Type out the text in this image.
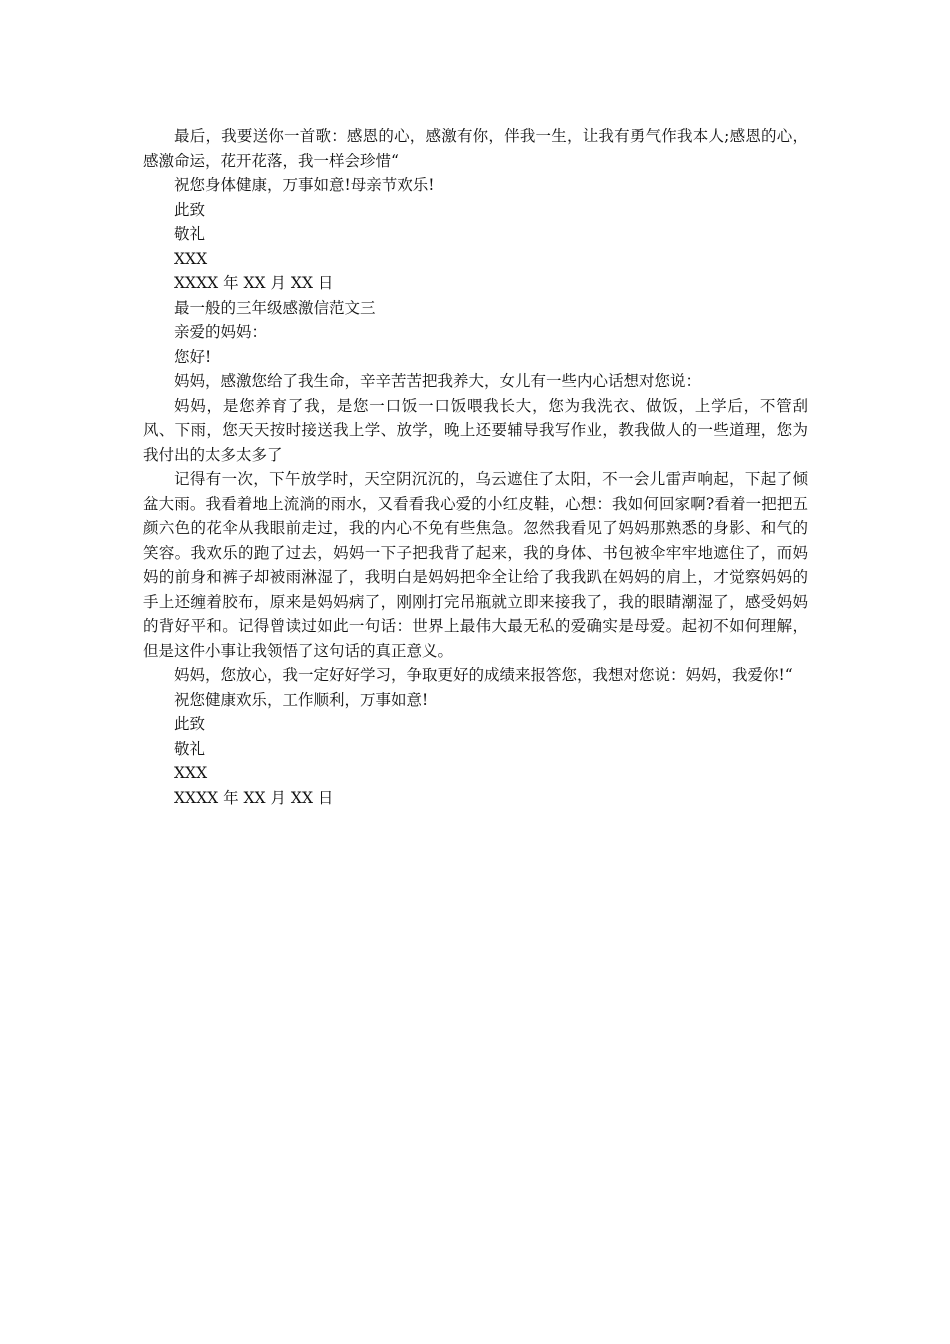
最后，我要送你一首歌：感恩的心，感激有你，伴我一生，让我有勇气作我本人;感恩的心，感激命运，花开花落，我一样会珍惜“

祝您身体健康，万事如意!母亲节欢乐!

此致

敬礼

XXX

XXXX 年 XX 月 XX 日

最一般的三年级感激信范文三

亲爱的妈妈：

您好!

妈妈，感激您给了我生命，辛辛苦苦把我养大，女儿有一些内心话想对您说：

妈妈，是您养育了我，是您一口饭一口饭喂我长大，您为我洗衣、做饭，上学后，不管刮风、下雨，您天天按时接送我上学、放学，晚上还要辅导我写作业，教我做人的一些道理，您为我付出的太多太多了

记得有一次，下午放学时，天空阴沉沉的，乌云遮住了太阳，不一会儿雷声响起，下起了倾盆大雨。我看着地上流淌的雨水，又看看我心爱的小红皮鞋，心想：我如何回家啊?看着一把把五颜六色的花伞从我眼前走过，我的内心不免有些焦急。忽然我看见了妈妈那熟悉的身影、和气的笑容。我欢乐的跑了过去，妈妈一下子把我背了起来，我的身体、书包被伞牢牢地遮住了，而妈妈的前身和裤子却被雨淋湿了，我明白是妈妈把伞全让给了我我趴在妈妈的肩上，才觉察妈妈的手上还缠着胶布，原来是妈妈病了，刚刚打完吊瓶就立即来接我了，我的眼睛潮湿了，感受妈妈的背好平和。记得曾读过如此一句话：世界上最伟大最无私的爱确实是母爱。起初不如何理解，但是这件小事让我领悟了这句话的真正意义。

妈妈，您放心，我一定好好学习，争取更好的成绩来报答您，我想对您说：妈妈，我爱你!“

祝您健康欢乐，工作顺利，万事如意!

此致

敬礼

XXX

XXXX 年 XX 月 XX 日
